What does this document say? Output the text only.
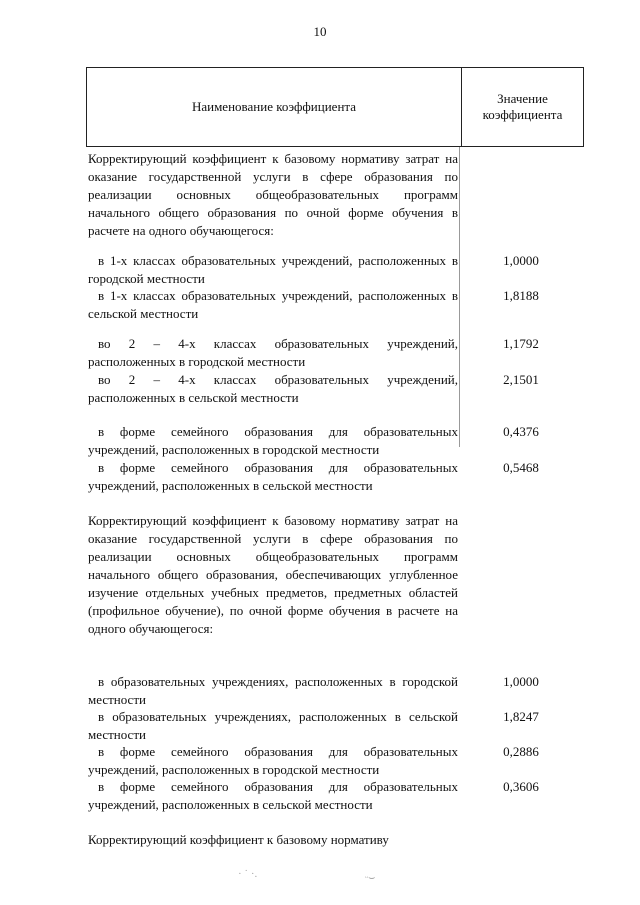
10
Наименование коэффициента
Значение коэффициента

Корректирующий коэффициент к базовому нормативу затрат на оказание государственной услуги в сфере образования по реализации основных общеобразовательных программ начального общего образования по очной форме обучения в расчете на одного обучающегося:

в 1-х классах образовательных учреждений, расположенных в городской местности
1,0000
в 1-х классах образовательных учреждений, расположенных в сельской местности
1,8188
во 2 – 4-х классах образовательных учреждений, расположенных в городской местности
1,1792
во 2 – 4-х классах образовательных учреждений, расположенных в сельской местности
2,1501
в форме семейного образования для образовательных учреждений, расположенных в городской местности
0,4376
в форме семейного образования для образовательных учреждений, расположенных в сельской местности
0,5468

Корректирующий коэффициент к базовому нормативу затрат на оказание государственной услуги в сфере образования по реализации основных общеобразовательных программ начального общего образования, обеспечивающих углубленное изучение отдельных учебных предметов, предметных областей (профильное обучение), по очной форме обучения в расчете на одного обучающегося:

в образовательных учреждениях, расположенных в городской местности
1,0000
в образовательных учреждениях, расположенных в сельской местности
1,8247
в форме семейного образования для образовательных учреждений, расположенных в городской местности
0,2886
в форме семейного образования для образовательных учреждений, расположенных в сельской местности
0,3606

Корректирующий коэффициент к базовому нормативу

· ˙ ·.	ᵕ⌣
